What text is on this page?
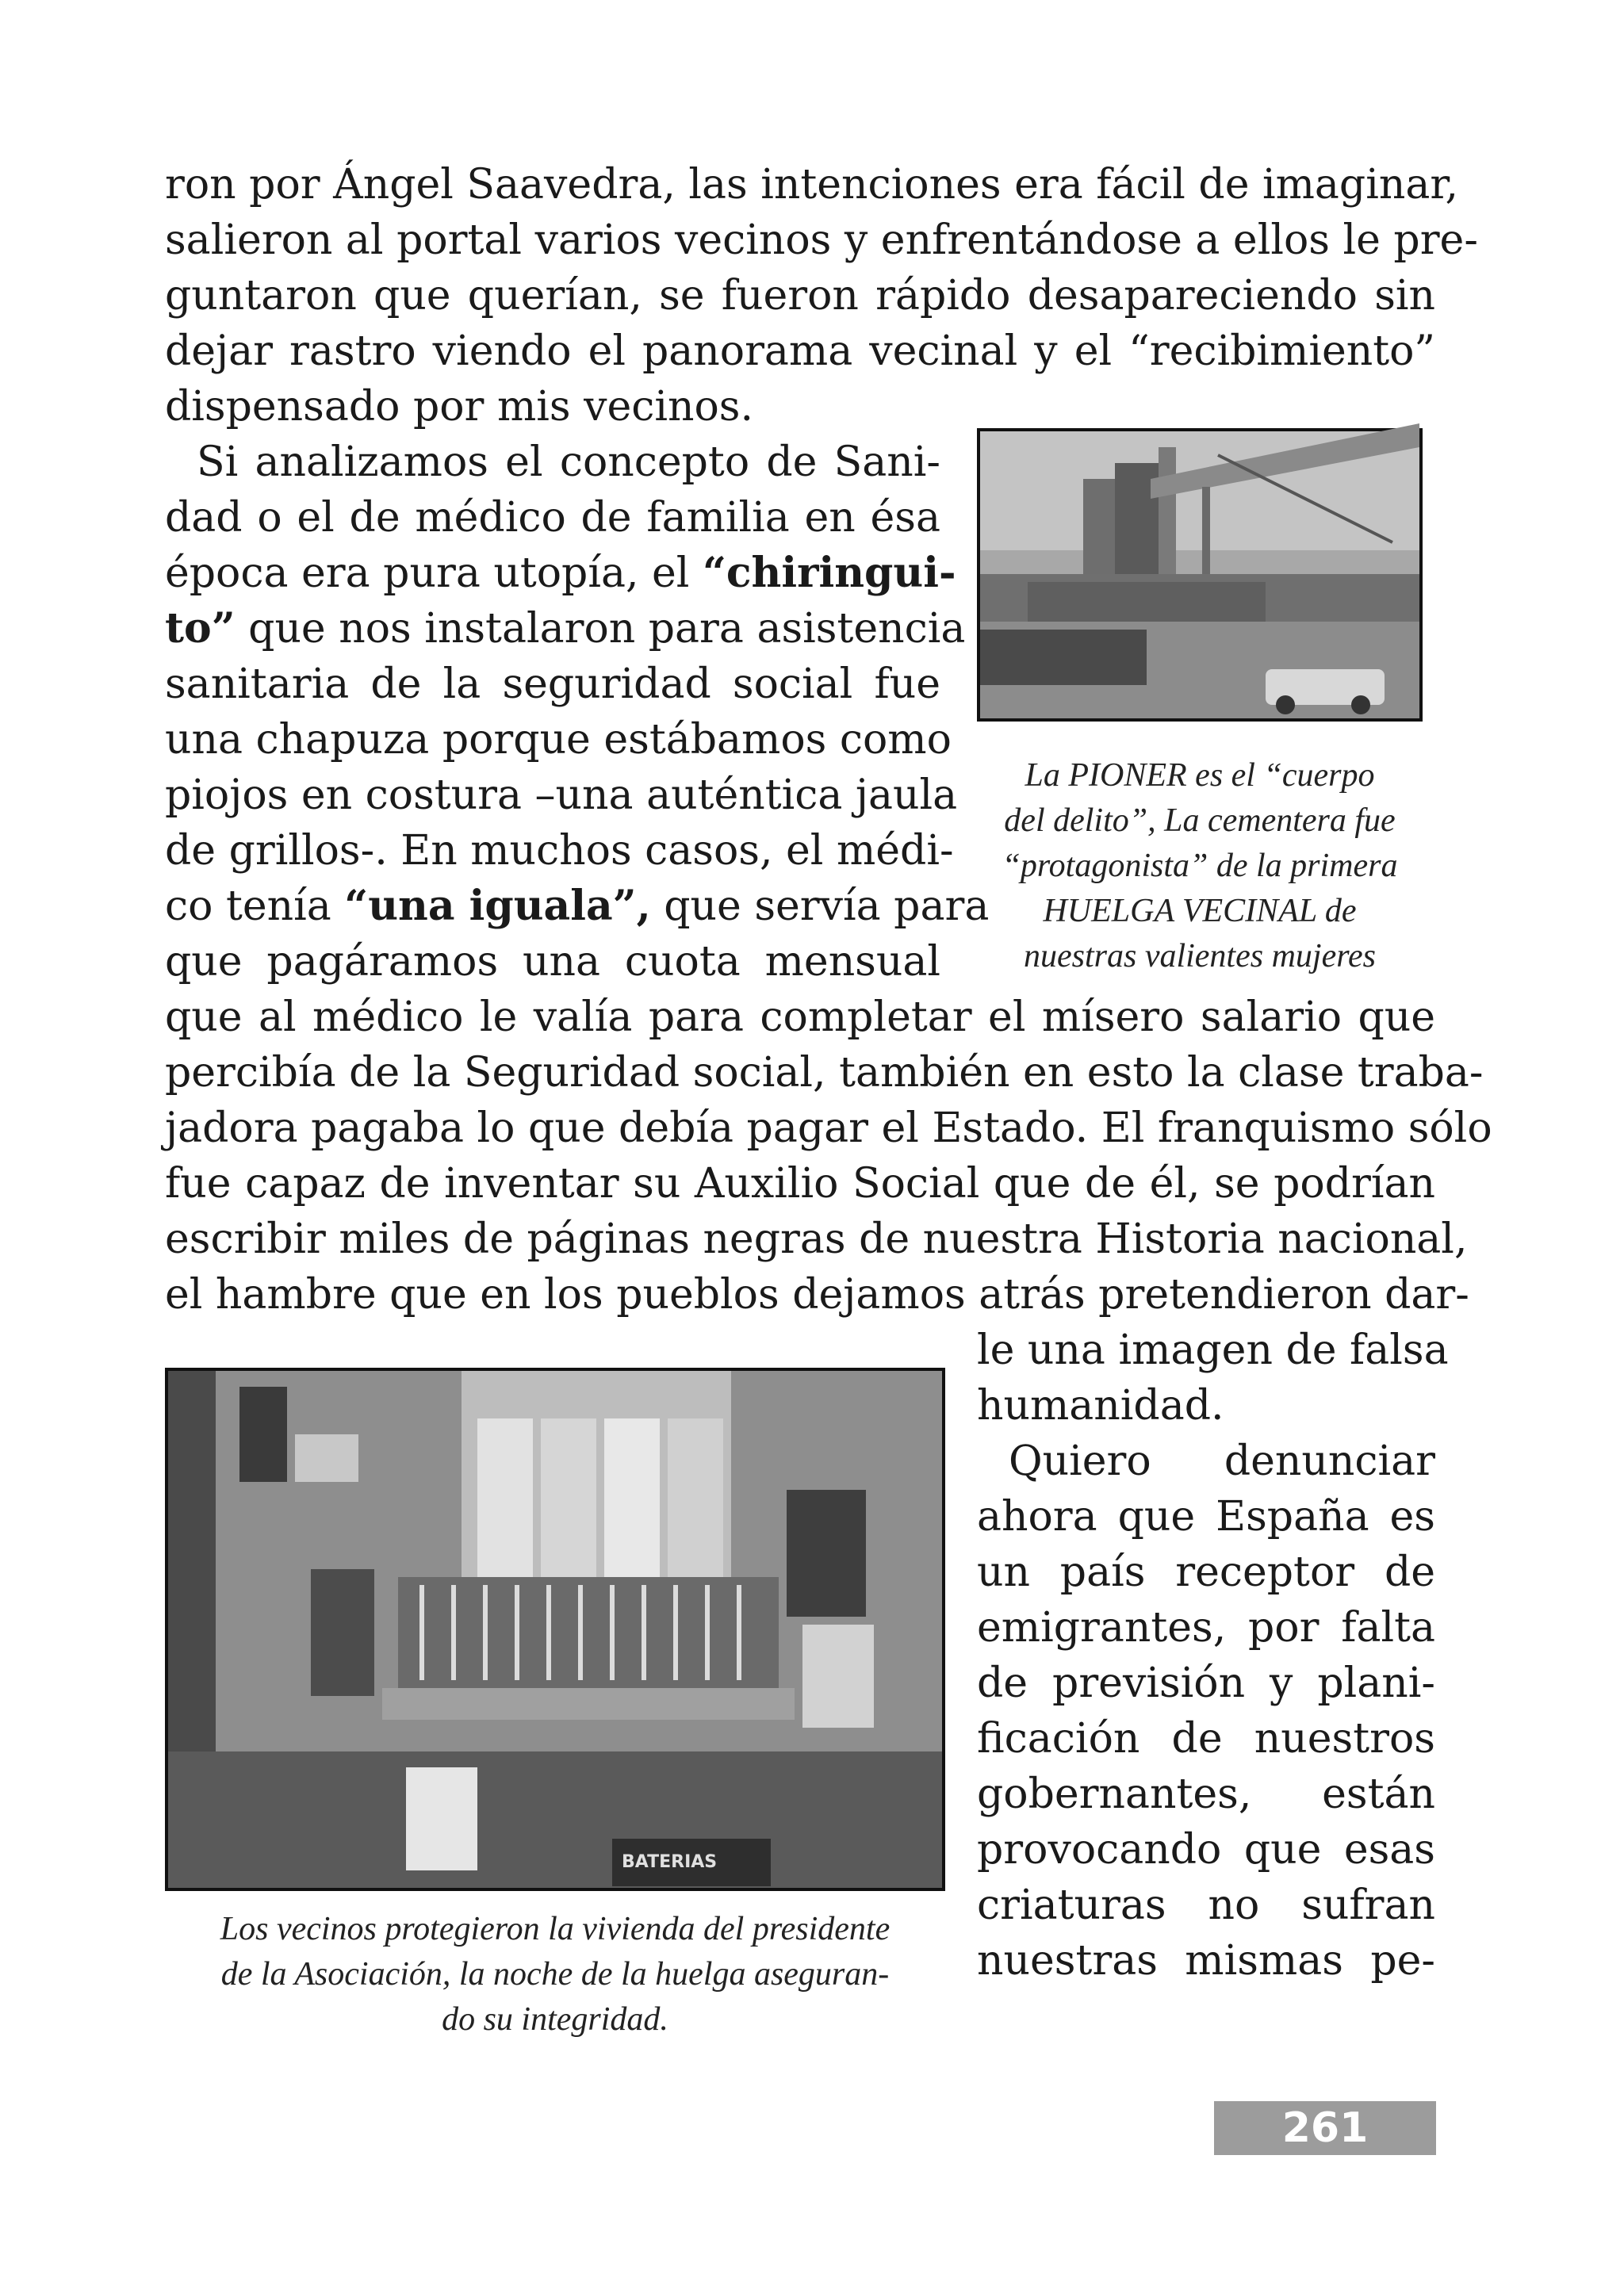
ron por Ángel Saavedra, las intenciones era fácil de imaginar,
salieron al portal varios vecinos y enfrentándose a ellos le pre-
guntaron que querían, se fueron rápido desapareciendo sin
dejar rastro viendo el panorama vecinal y el “recibimiento”
dispensado por mis vecinos.
Si analizamos el concepto de Sani-
dad o el de médico de familia en ésa
época era pura utopía, el “chiringui-
to” que nos instalaron para asistencia
sanitaria de la seguridad social fue
una chapuza porque estábamos como
piojos en costura –una auténtica jaula
de grillos-. En muchos casos, el médi-
co tenía “una iguala”, que servía para
que pagáramos una cuota mensual
que al médico le valía para completar el mísero salario que
percibía de la Seguridad social, también en esto la clase traba-
jadora pagaba lo que debía pagar el Estado. El franquismo sólo
fue capaz de inventar su Auxilio Social que de él, se podrían
escribir miles de páginas negras de nuestra Historia nacional,
el hambre que en los pueblos dejamos atrás pretendieron dar-
le una imagen de falsa
humanidad.
Quiero denunciar
ahora que España es
un país receptor de
emigrantes, por falta
de previsión y plani-
ficación de nuestros
gobernantes, están
provocando que esas
criaturas no sufran
nuestras mismas pe-
La PIONER es el “cuerpo
del delito”, La cementera fue
“protagonista” de la primera
HUELGA VECINAL de
nuestras valientes mujeres
BATERIAS
Los vecinos protegieron la vivienda del presidente
de la Asociación, la noche de la huelga aseguran-
do su integridad.
261
